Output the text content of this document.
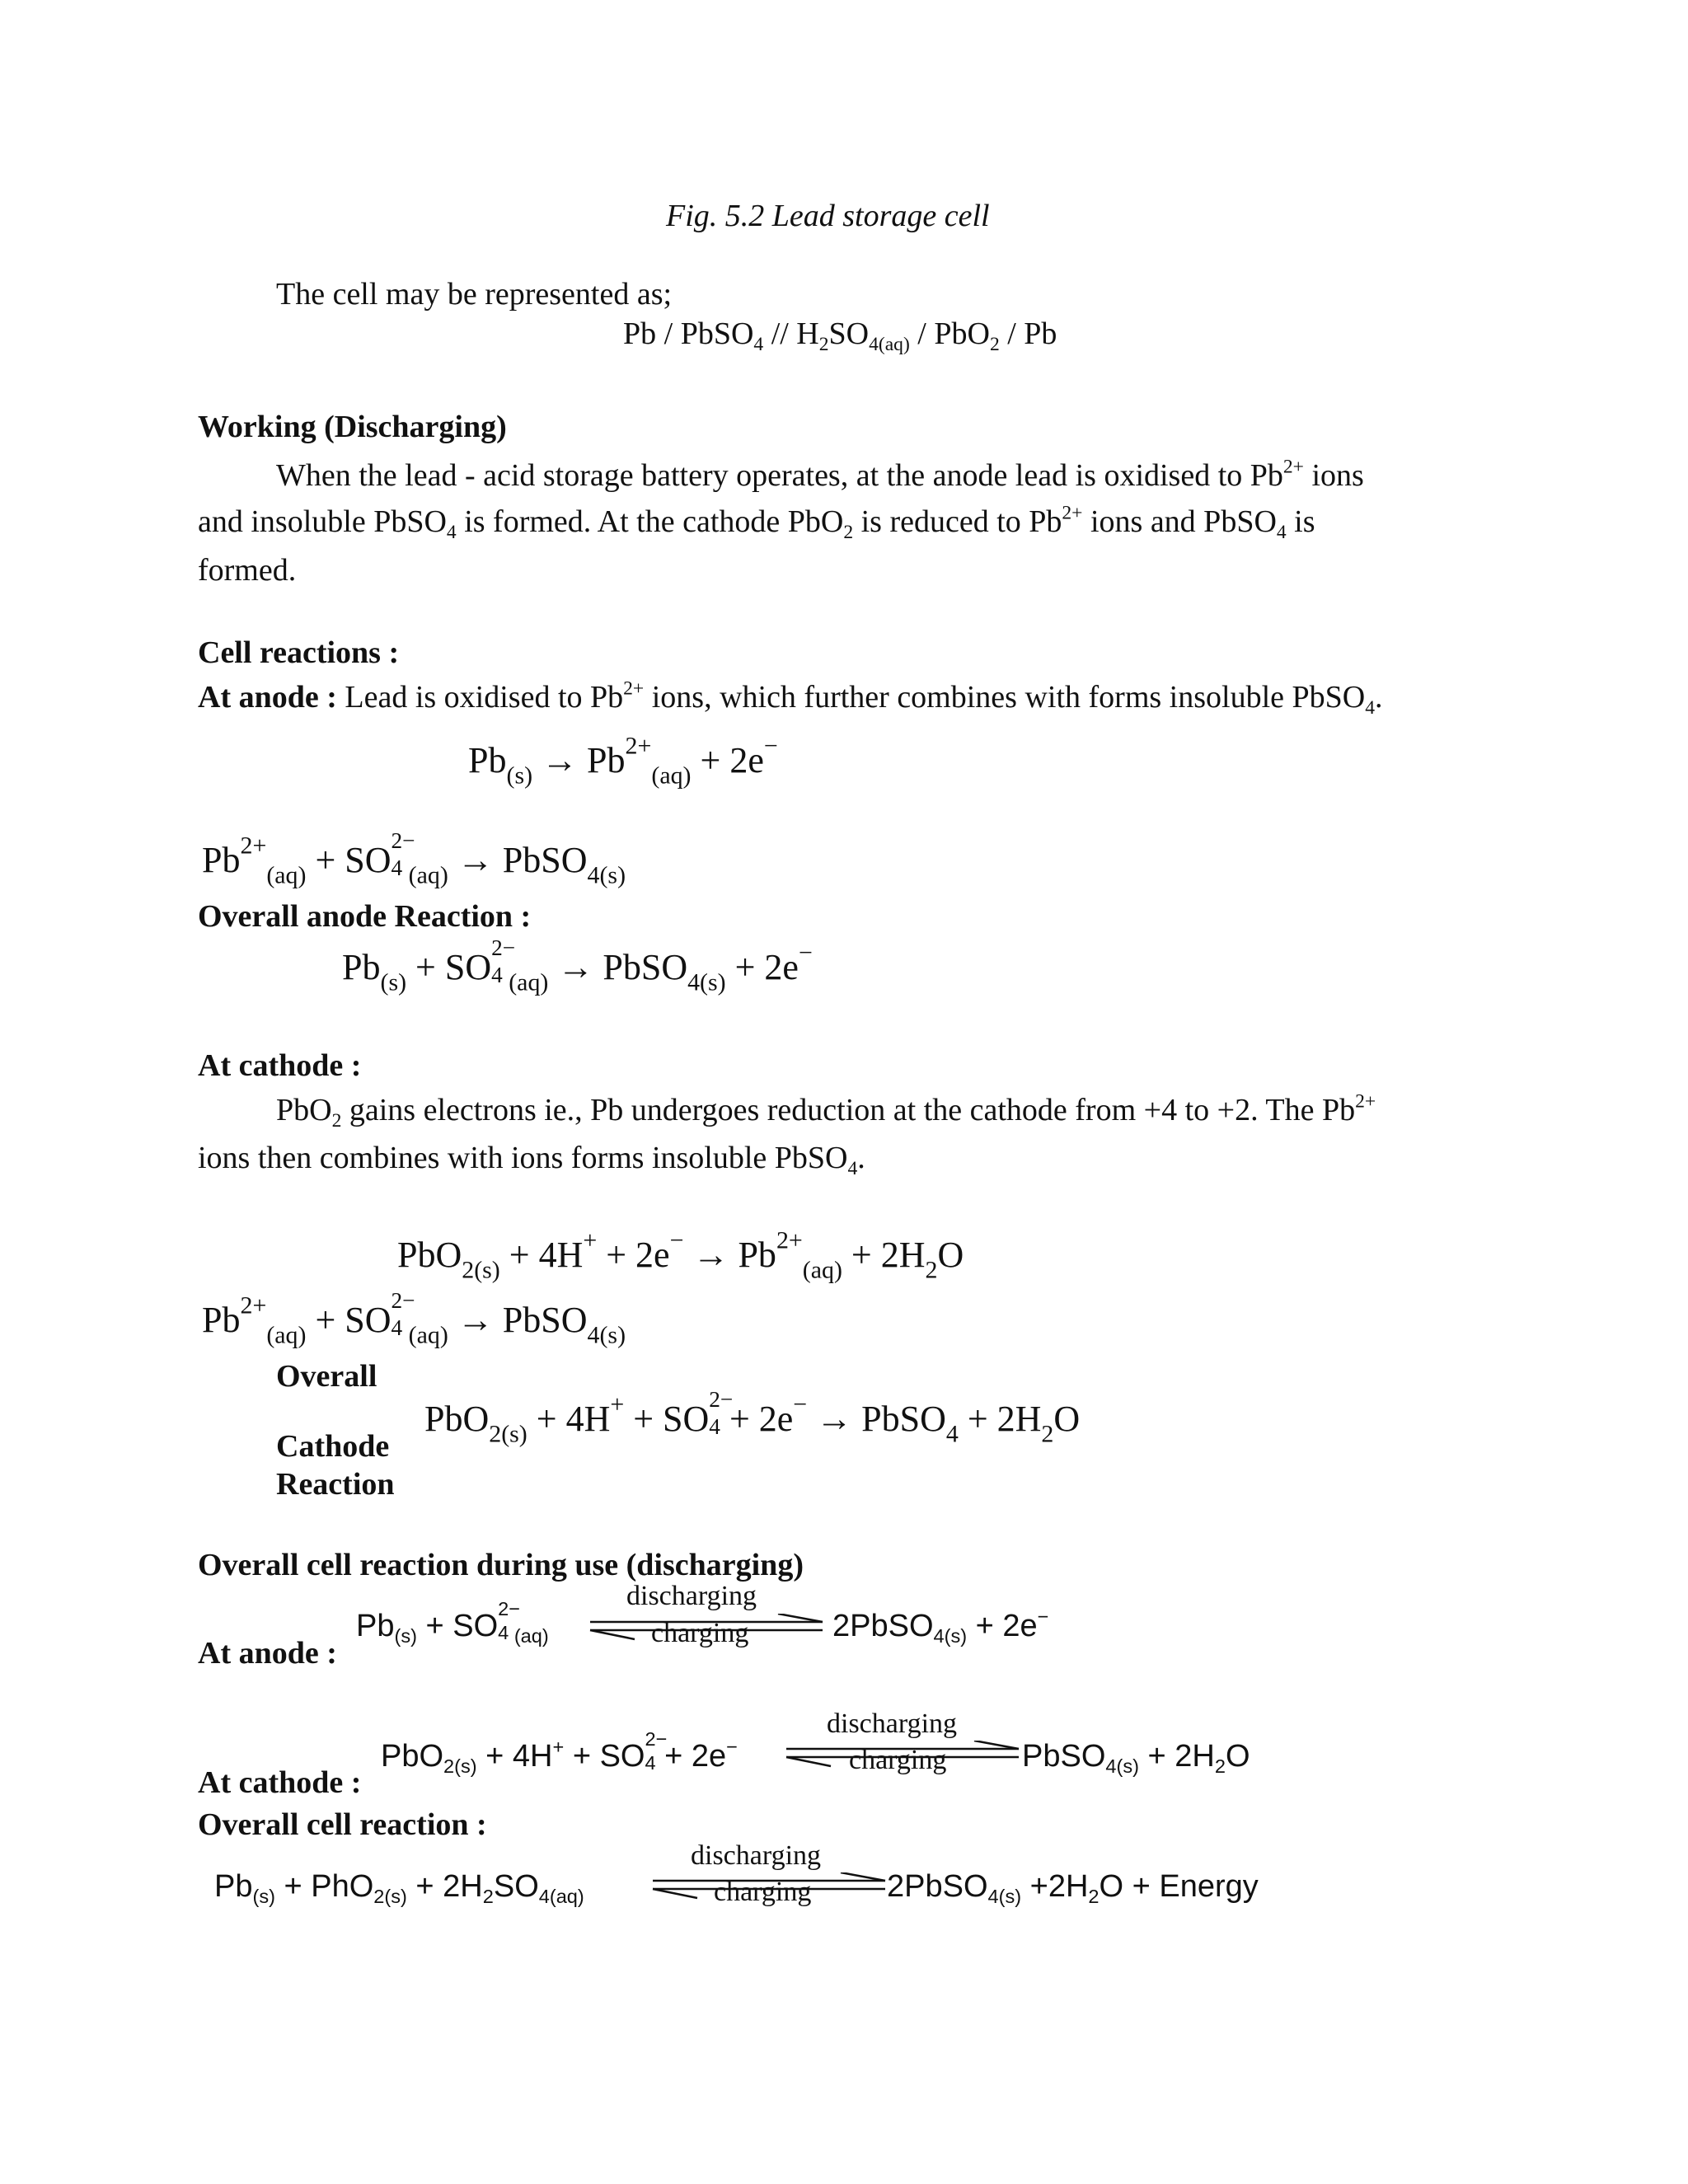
Fig. 5.2 Lead storage cell
The cell may be represented as;
Pb / PbSO$_4$ // $H_2SO_{4(aq)} / PbO_2$ / Pb
Working (Discharging)
When the lead - acid storage battery operates, at the anode lead is oxidised to $Pb^{2+}$ ions
and insoluble PbSO$_4$ is formed. At the cathode PbO$_2$ is reduced to $Pb^{2+}$ ions and PbSO$_4$ is
formed.
Cell reactions :
At anode : Lead is oxidised to $Pb^{2+}$ ions, which further combines with forms insoluble PbSO$_4$.
$Pb_{(s)} \to Pb^{2+}_{(aq)} + 2e^-$
$Pb^{2+}_{(aq)}$ + SO 2−
4 $_{(aq)}$ → PbSO$_{4(s)}$
Overall anode Reaction :
$Pb_{(s)}$ + SO 2−
4 $_{(aq)}$ → PbSO$_{4(s)}$ + 2e−
At cathode :
PbO$_2$ gains electrons ie., Pb undergoes reduction at the cathode from +4 to +2. The $Pb^{2+}$
ions then combines with ions forms insoluble PbSO$_4$.
$PbO_{2(s)} + 4H^+ + 2e^- \to Pb^{2+}_{(aq)} + 2H_2O$
$Pb^{2+}_{(aq)}$ + SO 2−
4 $_{(aq)}$ → PbSO$_{4(s)}$
Overall
Cathode
Reaction
PbO$_{2(s)}$ + 4H+ + SO 2−
4 + 2e− → PbSO$_4$ + $2H_2O$
Overall cell reaction during use (discharging)
$Pb_{(s)}$ + SO
2−
4 $_{(aq)}$
discharging
charging	2PbSO$_{4(s)}$ + 2e−
At anode :
discharging
PbO$_{2(s)}$ + 4H+ + SO
2−
4 + 2e−	charging PbSO$_{4(s)}$ + $2H_2O$
At cathode :
Overall cell reaction :
discharging
$Pb_{(s)} + PhO_{2(s)} + 2H_2SO_{4(aq)}$	charging 2PbSO$_{4(s)}$ $+2H_2O$ + Energy
